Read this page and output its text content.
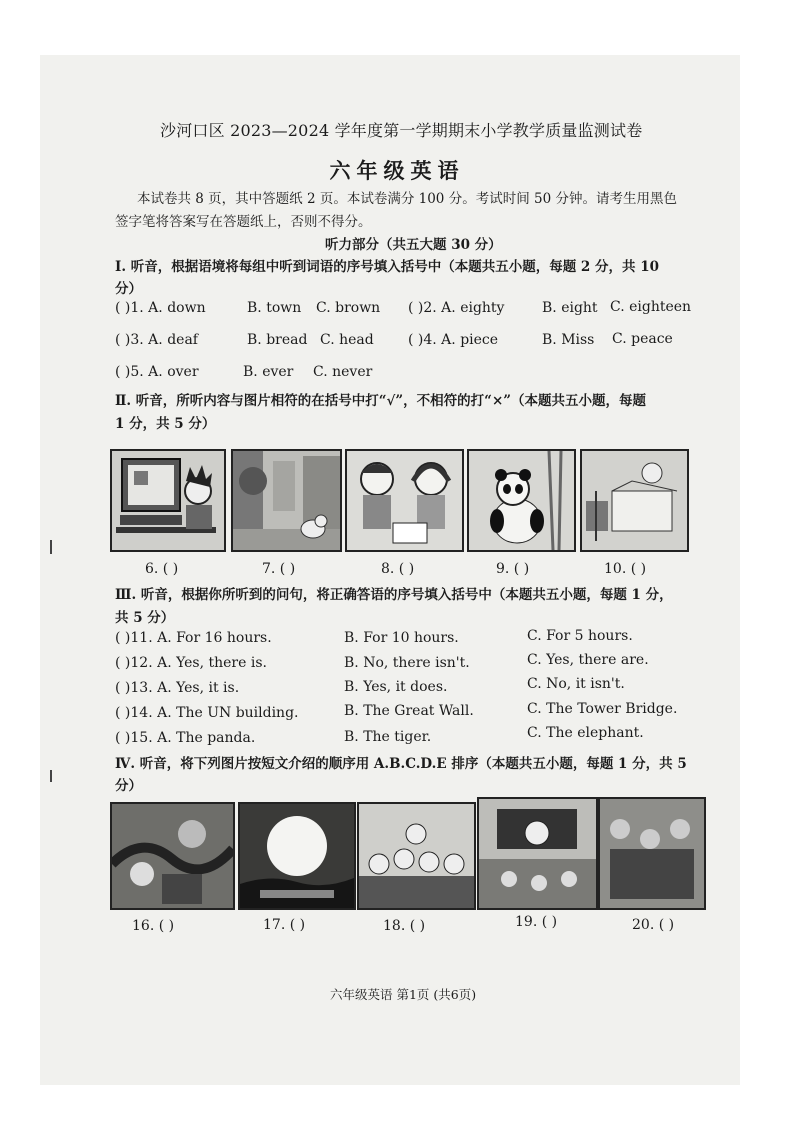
沙河口区 2023—2024 学年度第一学期期末小学教学质量监测试卷
六年级英语
本试卷共 8 页，其中答题纸 2 页。本试卷满分 100 分。考试时间 50 分钟。请考生用黑色
签字笔将答案写在答题纸上，否则不得分。
听力部分（共五大题 30 分）
Ⅰ. 听音，根据语境将每组中听到词语的序号填入括号中（本题共五小题，每题 2 分，共 10
分）
( )1. A. down	B. town C. brown ( )2. A. eighty	B. eight C. eighteen
( )3. A. deaf	B. bread C. head ( )4. A. piece	B. Miss C. peace
( )5. A. over	B. ever C. never
Ⅱ. 听音，所听内容与图片相符的在括号中打“√”，不相符的打“×”（本题共五小题，每题
1 分，共 5 分）
6. ( )	7. ( )	8. ( )	9. ( )	10. ( )
Ⅲ. 听音，根据你所听到的问句，将正确答语的序号填入括号中（本题共五小题，每题 1 分，
共 5 分）
( )11. A. For 16 hours.	B. For 10 hours.	C. For 5 hours.
( )12. A. Yes, there is.	B. No, there isn't.	C. Yes, there are.
( )13. A. Yes, it is.	B. Yes, it does.	C. No, it isn't.
( )14. A. The UN building.	B. The Great Wall.	C. The Tower Bridge.
( )15. A. The panda.	B. The tiger.	C. The elephant.
Ⅳ. 听音，将下列图片按短文介绍的顺序用 A.B.C.D.E 排序（本题共五小题，每题 1 分，共 5
分）
16. ( )	17. ( )	18. ( )	19. ( )	20. ( )
六年级英语 第1页 (共6页)
